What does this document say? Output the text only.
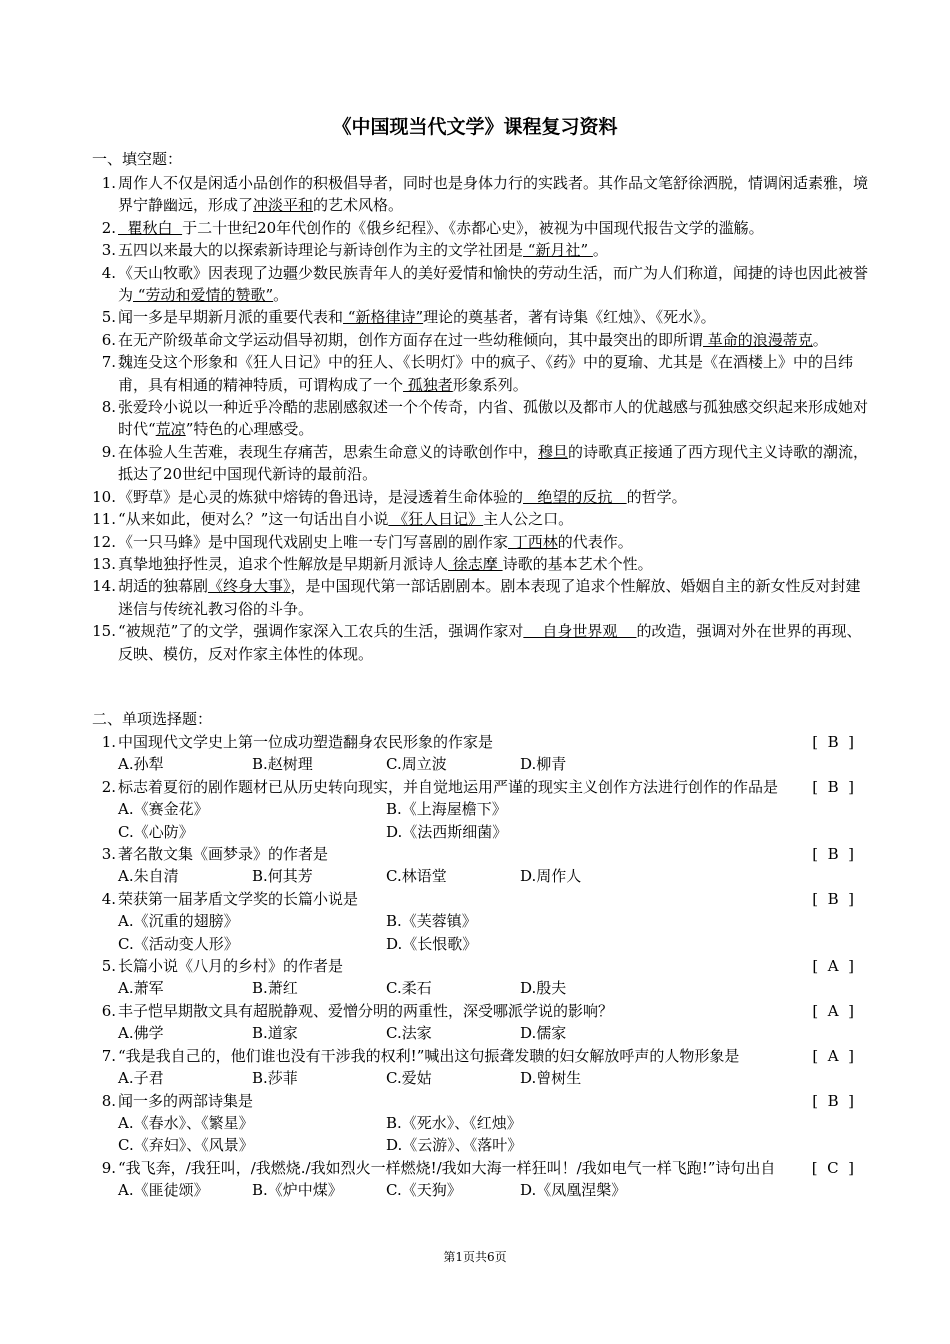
《中国现当代文学》课程复习资料
一、填空题：
1. 周作人不仅是闲适小品创作的积极倡导者，同时也是身体力行的实践者。其作品文笔舒徐洒脱，情调闲适素雅，境界宁静幽远，形成了冲淡平和的艺术风格。
2. 瞿秋白  于二十世纪20年代创作的《俄乡纪程》、《赤都心史》，被视为中国现代报告文学的滥觞。
3. 五四以来最大的以探索新诗理论与新诗创作为主的文学社团是 “新月社” 。
4. 《天山牧歌》因表现了边疆少数民族青年人的美好爱情和愉快的劳动生活，而广为人们称道，闻捷的诗也因此被誉为 “劳动和爱情的赞歌”。
5. 闻一多是早期新月派的重要代表和 “新格律诗”理论的奠基者，著有诗集《红烛》、《死水》。
6. 在无产阶级革命文学运动倡导初期，创作方面存在过一些幼稚倾向，其中最突出的即所谓 革命的浪漫蒂克。
7. 魏连殳这个形象和《狂人日记》中的狂人、《长明灯》中的疯子、《药》中的夏瑜、尤其是《在酒楼上》中的吕纬甫，具有相通的精神特质，可谓构成了一个 孤独者形象系列。
8. 张爱玲小说以一种近乎冷酷的悲剧感叙述一个个传奇，内省、孤傲以及都市人的优越感与孤独感交织起来形成她对时代“荒凉”特色的心理感受。
9. 在体验人生苦难，表现生存痛苦，思索生命意义的诗歌创作中，穆旦的诗歌真正接通了西方现代主义诗歌的潮流，抵达了20世纪中国现代新诗的最前沿。
10. 《野草》是心灵的炼狱中熔铸的鲁迅诗，是浸透着生命体验的   绝望的反抗   的哲学。
11. “从来如此，便对么？”这一句话出自小说 《狂人日记》主人公之口。
12. 《一只马蜂》是中国现代戏剧史上唯一专门写喜剧的剧作家 丁西林的代表作。
13. 真挚地独抒性灵，追求个性解放是早期新月派诗人 徐志摩 诗歌的基本艺术个性。
14. 胡适的独幕剧《终身大事》，是中国现代第一部话剧剧本。剧本表现了追求个性解放、婚姻自主的新女性反对封建迷信与传统礼教习俗的斗争。
15. “被规范”了的文学，强调作家深入工农兵的生活，强调作家对    自身世界观    的改造，强调对外在世界的再现、反映、模仿，反对作家主体性的体现。
二、单项选择题：
1. 中国现代文学史上第一位成功塑造翻身农民形象的作家是	[  B  ]
A.孙犁	B.赵树理	C.周立波	D.柳青
2. 标志着夏衍的剧作题材已从历史转向现实，并自觉地运用严谨的现实主义创作方法进行创作的作品是	[  B  ]
A.《赛金花》	B.《上海屋檐下》
C.《心防》	D.《法西斯细菌》
3. 著名散文集《画梦录》的作者是	[  B  ]
A.朱自清	B.何其芳	C.林语堂	D.周作人
4. 荣获第一届茅盾文学奖的长篇小说是	[  B  ]
A.《沉重的翅膀》	B.《芙蓉镇》
C.《活动变人形》	D.《长恨歌》
5. 长篇小说《八月的乡村》的作者是	[  A  ]
A.萧军	B.萧红	C.柔石	D.殷夫
6. 丰子恺早期散文具有超脱静观、爱憎分明的两重性，深受哪派学说的影响？	[  A  ]
A.佛学	B.道家	C.法家	D.儒家
7. “我是我自己的，他们谁也没有干涉我的权利!”喊出这句振聋发聩的妇女解放呼声的人物形象是	[  A  ]
A.子君	B.莎菲	C.爱姑	D.曾树生
8. 闻一多的两部诗集是	[  B  ]
A.《春水》、《繁星》	B.《死水》、《红烛》
C.《弃妇》、《风景》	D.《云游》、《落叶》
9. “我飞奔，/我狂叫，/我燃烧./我如烈火一样燃烧!/我如大海一样狂叫！/我如电气一样飞跑!”诗句出自	[  C  ]
A.《匪徒颂》	B.《炉中煤》	C.《天狗》	D.《凤凰涅槃》
第1页共6页
